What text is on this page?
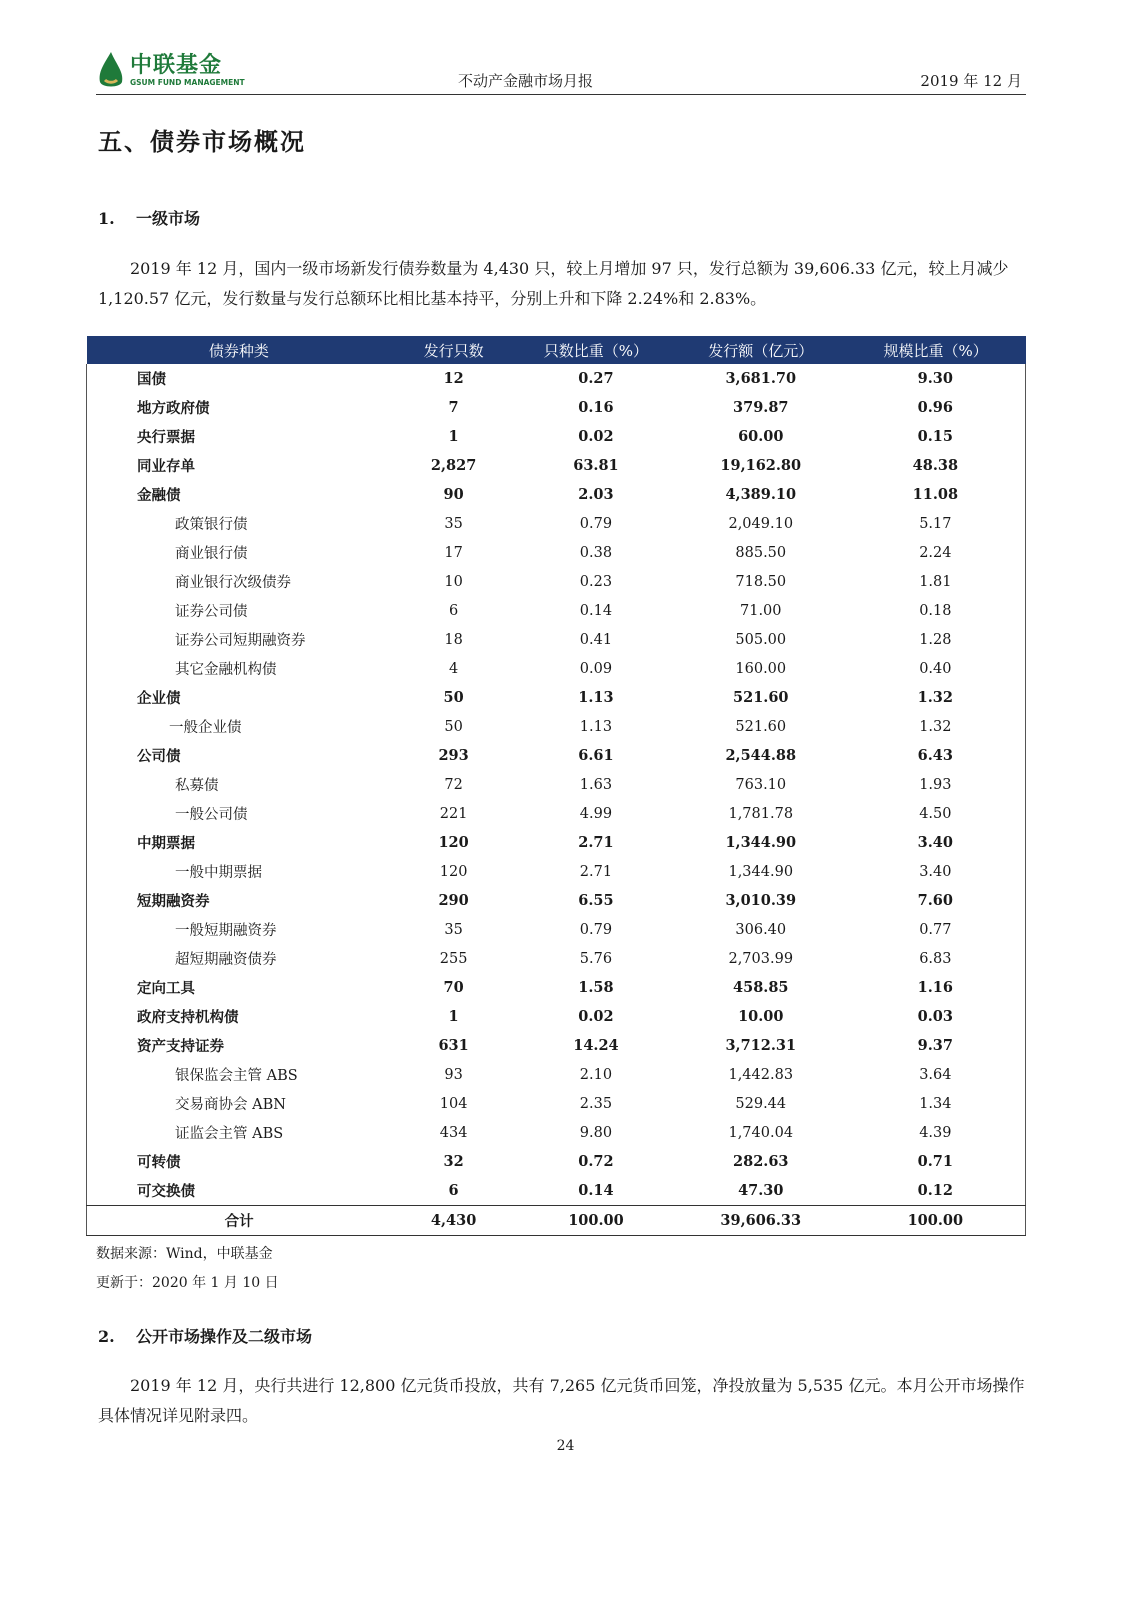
中联基金
GSUM FUND MANAGEMENT	不动产金融市场月报	2019 年 12 月
五、债券市场概况
1. 一级市场
2019 年 12 月，国内一级市场新发行债券数量为 4,430 只，较上月增加 97 只，发行总额为 39,606.33 亿元，较上月减少 1,120.57 亿元，发行数量与发行总额环比相比基本持平，分别上升和下降 2.24%和 2.83%。
债券种类	发行只数	只数比重（%）	发行额（亿元）	规模比重（%）
国债	12	0.27	3,681.70	9.30
地方政府债	7	0.16	379.87	0.96
央行票据	1	0.02	60.00	0.15
同业存单	2,827	63.81	19,162.80	48.38
金融债	90	2.03	4,389.10	11.08
政策银行债	35	0.79	2,049.10	5.17
商业银行债	17	0.38	885.50	2.24
商业银行次级债券	10	0.23	718.50	1.81
证券公司债	6	0.14	71.00	0.18
证券公司短期融资券	18	0.41	505.00	1.28
其它金融机构债	4	0.09	160.00	0.40
企业债	50	1.13	521.60	1.32
一般企业债	50	1.13	521.60	1.32
公司债	293	6.61	2,544.88	6.43
私募债	72	1.63	763.10	1.93
一般公司债	221	4.99	1,781.78	4.50
中期票据	120	2.71	1,344.90	3.40
一般中期票据	120	2.71	1,344.90	3.40
短期融资券	290	6.55	3,010.39	7.60
一般短期融资券	35	0.79	306.40	0.77
超短期融资债券	255	5.76	2,703.99	6.83
定向工具	70	1.58	458.85	1.16
政府支持机构债	1	0.02	10.00	0.03
资产支持证券	631	14.24	3,712.31	9.37
银保监会主管 ABS	93	2.10	1,442.83	3.64
交易商协会 ABN	104	2.35	529.44	1.34
证监会主管 ABS	434	9.80	1,740.04	4.39
可转债	32	0.72	282.63	0.71
可交换债	6	0.14	47.30	0.12
合计	4,430	100.00	39,606.33	100.00
数据来源：Wind，中联基金
更新于：2020 年 1 月 10 日
2. 公开市场操作及二级市场
2019 年 12 月，央行共进行 12,800 亿元货币投放，共有 7,265 亿元货币回笼，净投放量为 5,535 亿元。本月公开市场操作具体情况详见附录四。
24
